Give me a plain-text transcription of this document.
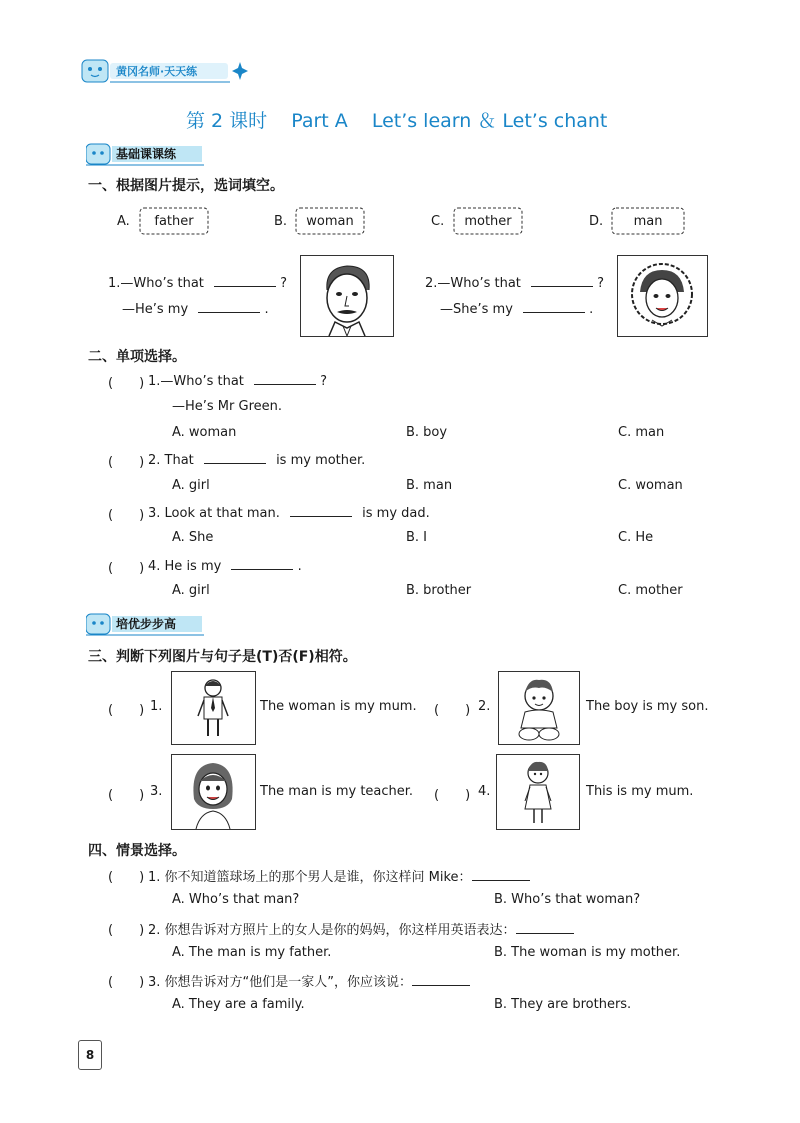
黄冈名师·天天练
第 2 课时 Part A Let’s learn ＆ Let’s chant
基础课课练
一、根据图片提示，选词填空。
A. father	B. woman	C. mother	D. man
1.—Who’s that	?
—He’s my	.
2.—Who’s that	?
—She’s my	.
二、单项选择。
(　　) 1.—Who’s that	?
—He’s Mr Green.
A. woman	B. boy	C. man
(　　) 2. That	is my mother.
A. girl	B. man	C. woman
(　　) 3. Look at that man.	is my dad.
A. She	B. I	C. He
(　　) 4. He is my	.
A. girl	B. brother	C. mother
培优步步高
三、判断下列图片与句子是(T)否(F)相符。
(　　) 1.	The woman is my mum. (　　) 2.	The boy is my son.
(　　) 3.	The man is my teacher. (　　) 4.	This is my mum.
四、情景选择。
(　　) 1. 你不知道篮球场上的那个男人是谁，你这样问 Mike：
A. Who’s that man?	B. Who’s that woman?
(　　) 2. 你想告诉对方照片上的女人是你的妈妈，你这样用英语表达：
A. The man is my father.	B. The woman is my mother.
(　　) 3. 你想告诉对方“他们是一家人”，你应该说：
A. They are a family.	B. They are brothers.
8
